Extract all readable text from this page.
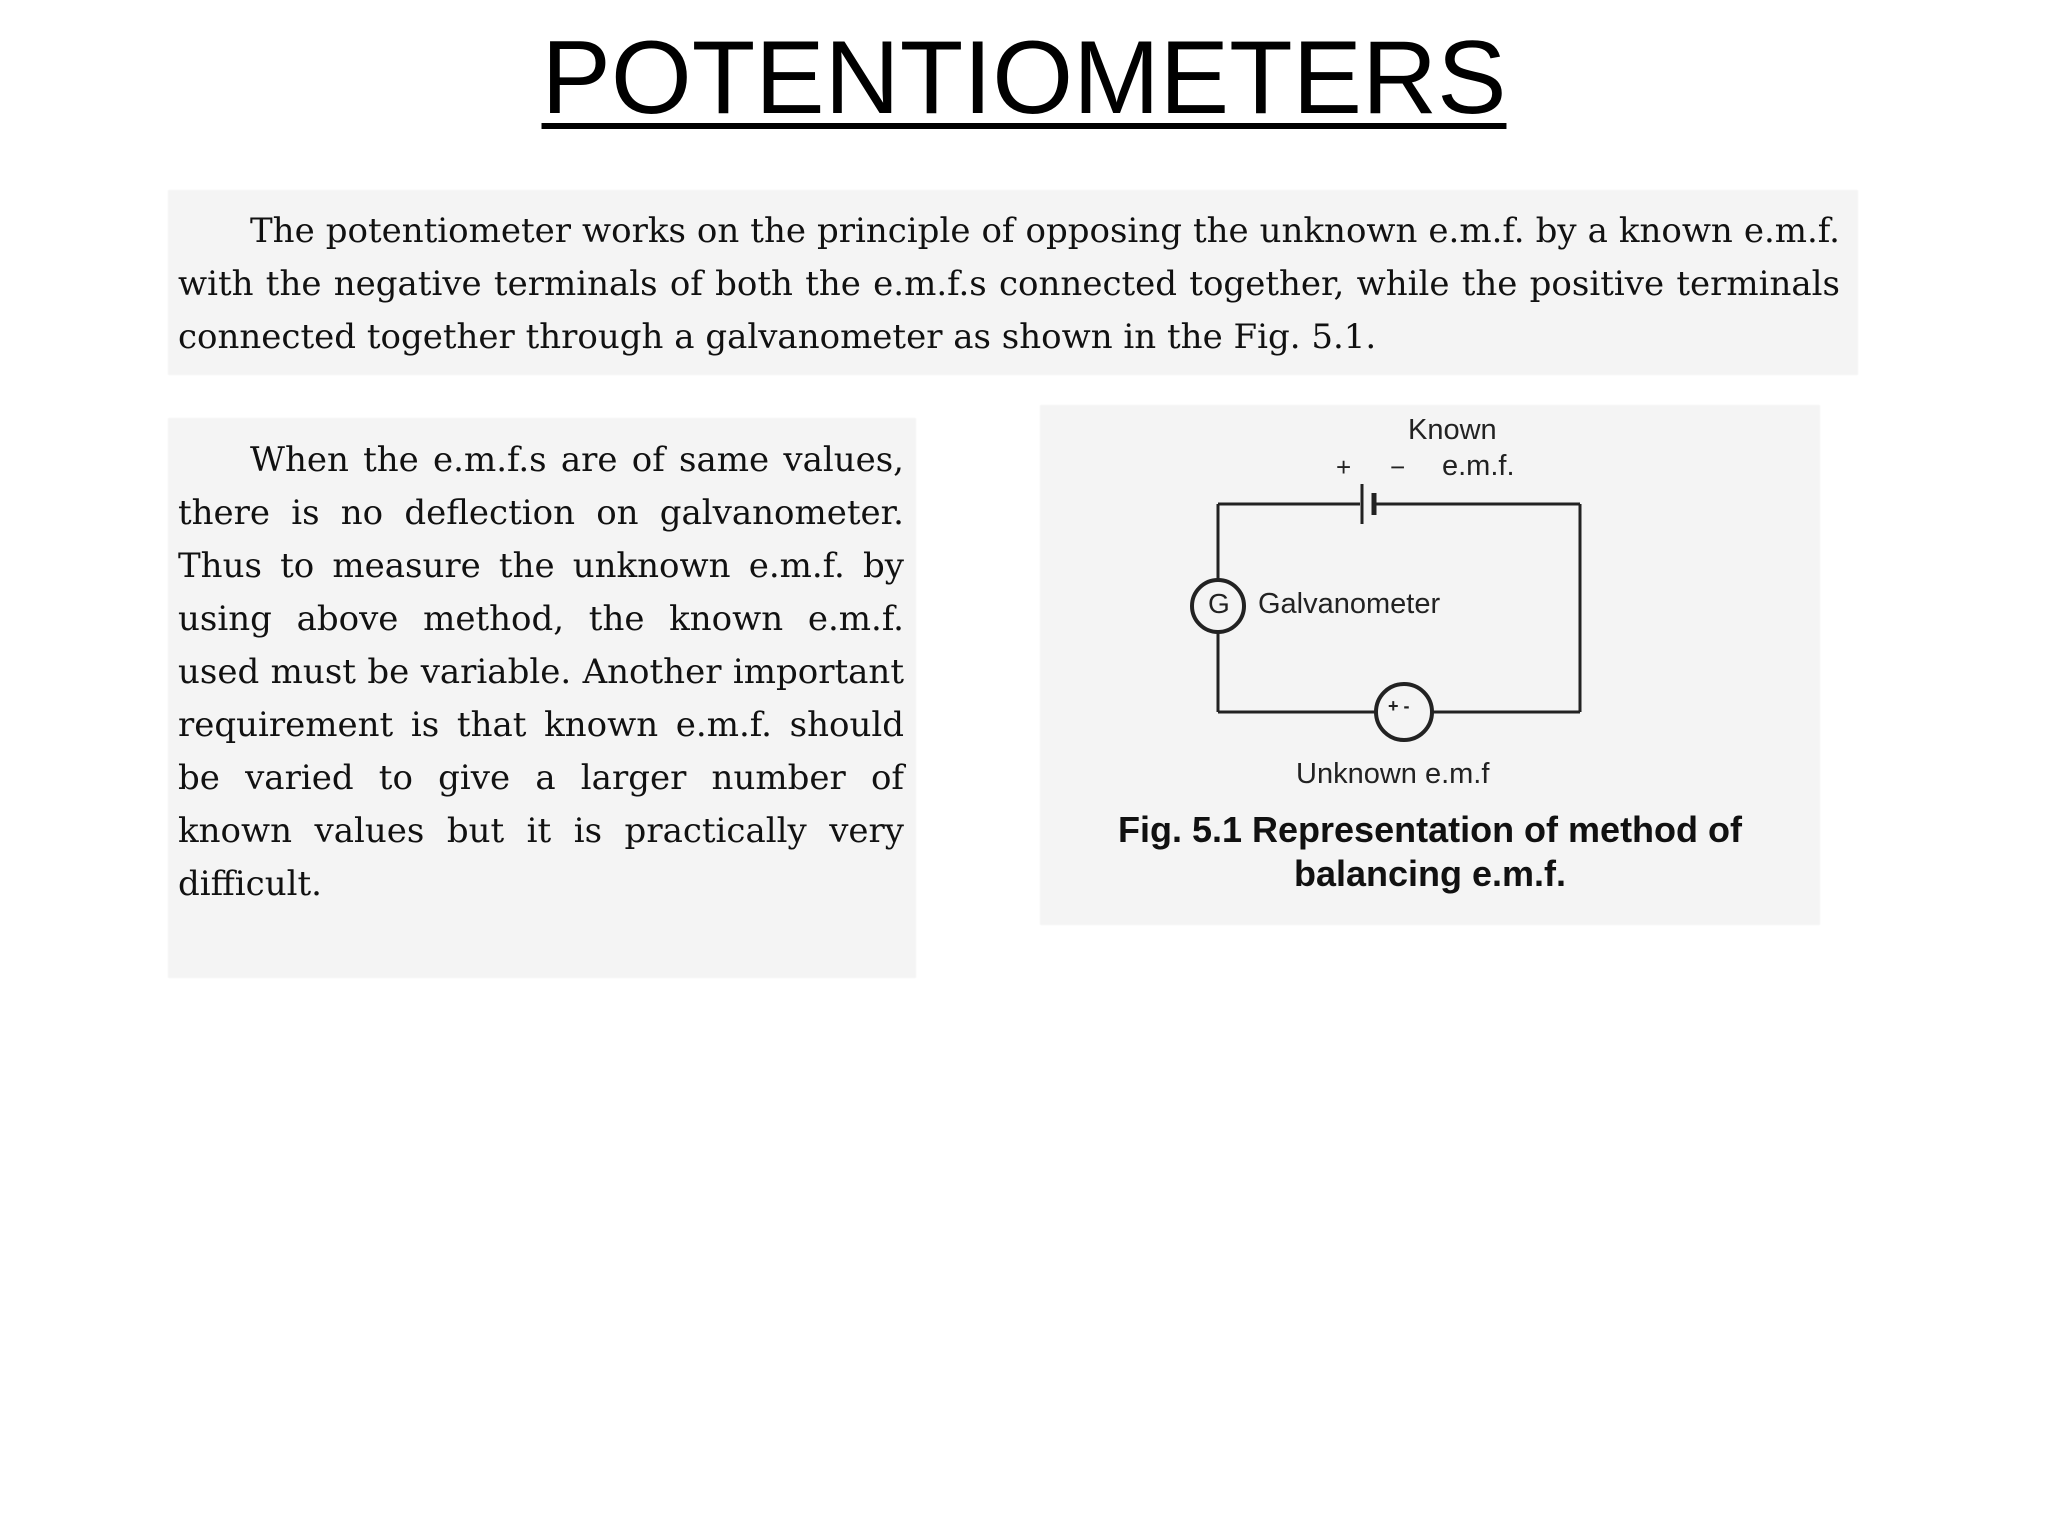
POTENTIOMETERS

The potentiometer works on the principle of opposing the unknown e.m.f. by a known e.m.f. with the negative terminals of both the e.m.f.s connected together, while the positive terminals connected together through a galvanometer as shown in the Fig. 5.1.

When the e.m.f.s are of same values, there is no deflection on galvanometer. Thus to measure the unknown e.m.f. by using above method, the known e.m.f. used must be variable. Another important requirement is that known e.m.f. should be varied to give a larger number of known values but it is practically very difficult.

Known
e.m.f.
+ −
G Galvanometer
+ -
Unknown e.m.f
Fig. 5.1 Representation of method of
balancing e.m.f.
